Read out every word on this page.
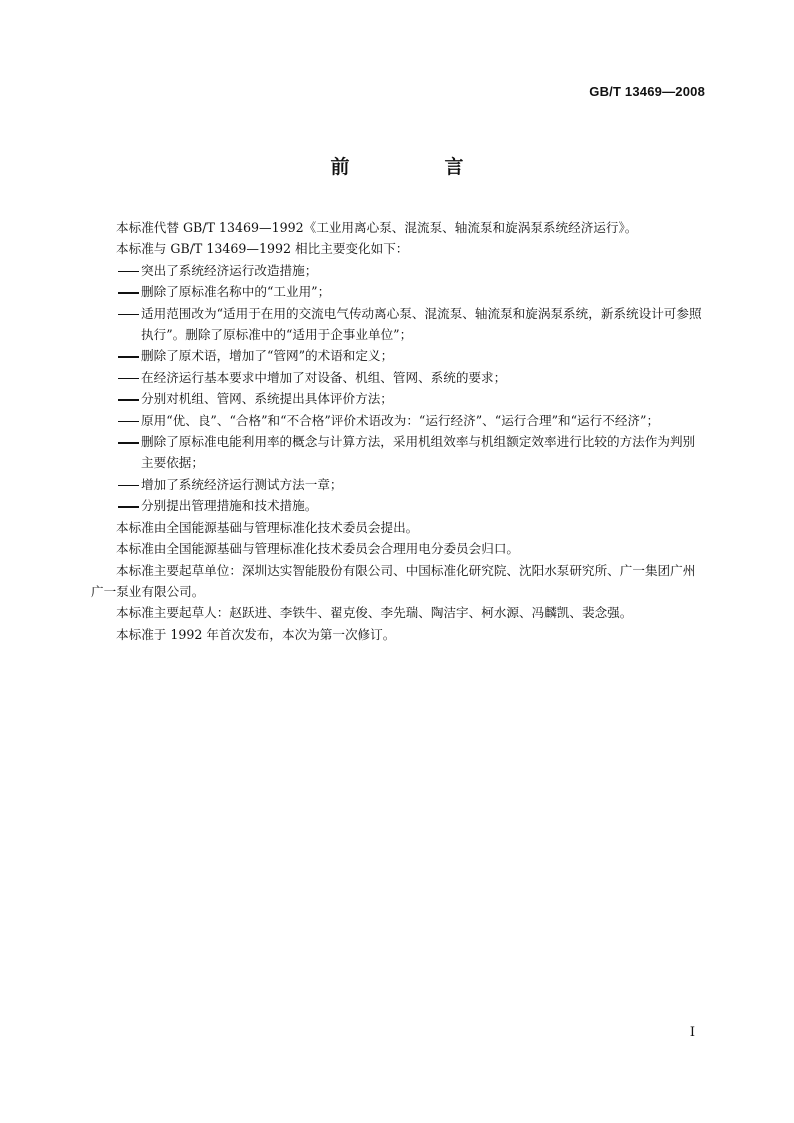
GB/T 13469—2008
前　言

本标准代替 GB/T 13469—1992《工业用离心泵、混流泵、轴流泵和旋涡泵系统经济运行》。

本标准与 GB/T 13469—1992 相比主要变化如下：

突出了系统经济运行改造措施；

删除了原标准名称中的“工业用”；

适用范围改为“适用于在用的交流电气传动离心泵、混流泵、轴流泵和旋涡泵系统，新系统设计可参照执行”。删除了原标准中的“适用于企事业单位”；

删除了原术语，增加了“管网”的术语和定义；

在经济运行基本要求中增加了对设备、机组、管网、系统的要求；

分别对机组、管网、系统提出具体评价方法；

原用“优、良”、“合格”和“不合格”评价术语改为：“运行经济”、“运行合理”和“运行不经济”；

删除了原标准电能利用率的概念与计算方法，采用机组效率与机组额定效率进行比较的方法作为判别主要依据；

增加了系统经济运行测试方法一章；

分别提出管理措施和技术措施。

本标准由全国能源基础与管理标准化技术委员会提出。

本标准由全国能源基础与管理标准化技术委员会合理用电分委员会归口。

本标准主要起草单位：深圳达实智能股份有限公司、中国标准化研究院、沈阳水泵研究所、广一集团广州广一泵业有限公司。

本标准主要起草人：赵跃进、李铁牛、翟克俊、李先瑞、陶洁宇、柯水源、冯麟凯、裴念强。

本标准于 1992 年首次发布，本次为第一次修订。

I
